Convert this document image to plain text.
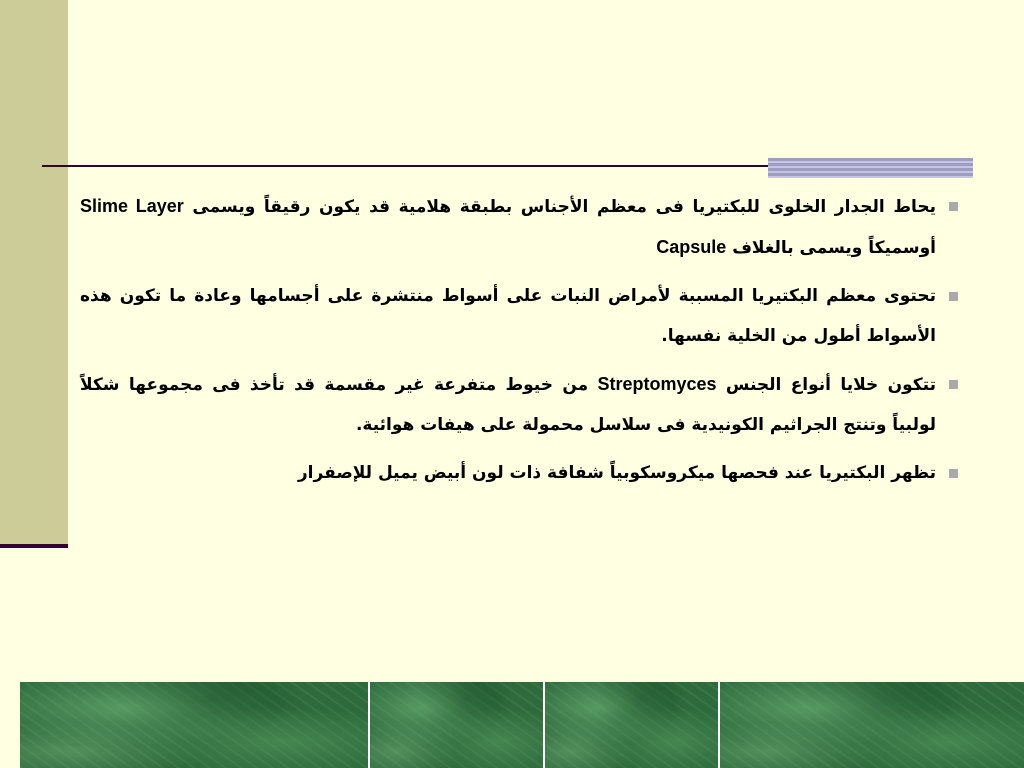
يحاط الجدار الخلوى للبكتيريا فى معظم الأجناس بطبقة هلامية قد يكون رقيقاً ويسمى Slime Layer أوسميكاً ويسمى بالغلاف Capsule
تحتوى معظم البكتيريا المسببة لأمراض النبات على أسواط منتشرة على أجسامها وعادة ما تكون هذه الأسواط أطول من الخلية نفسها.
تتكون خلايا أنواع الجنس Streptomyces من خيوط متفرعة غير مقسمة قد تأخذ فى مجموعها شكلاً لولبياً وتنتج الجراثيم الكونيدية فى سلاسل محمولة على هيفات هوائية.
تظهر البكتيريا عند فحصها ميكروسكوبياً شفافة ذات لون أبيض يميل للإصفرار
